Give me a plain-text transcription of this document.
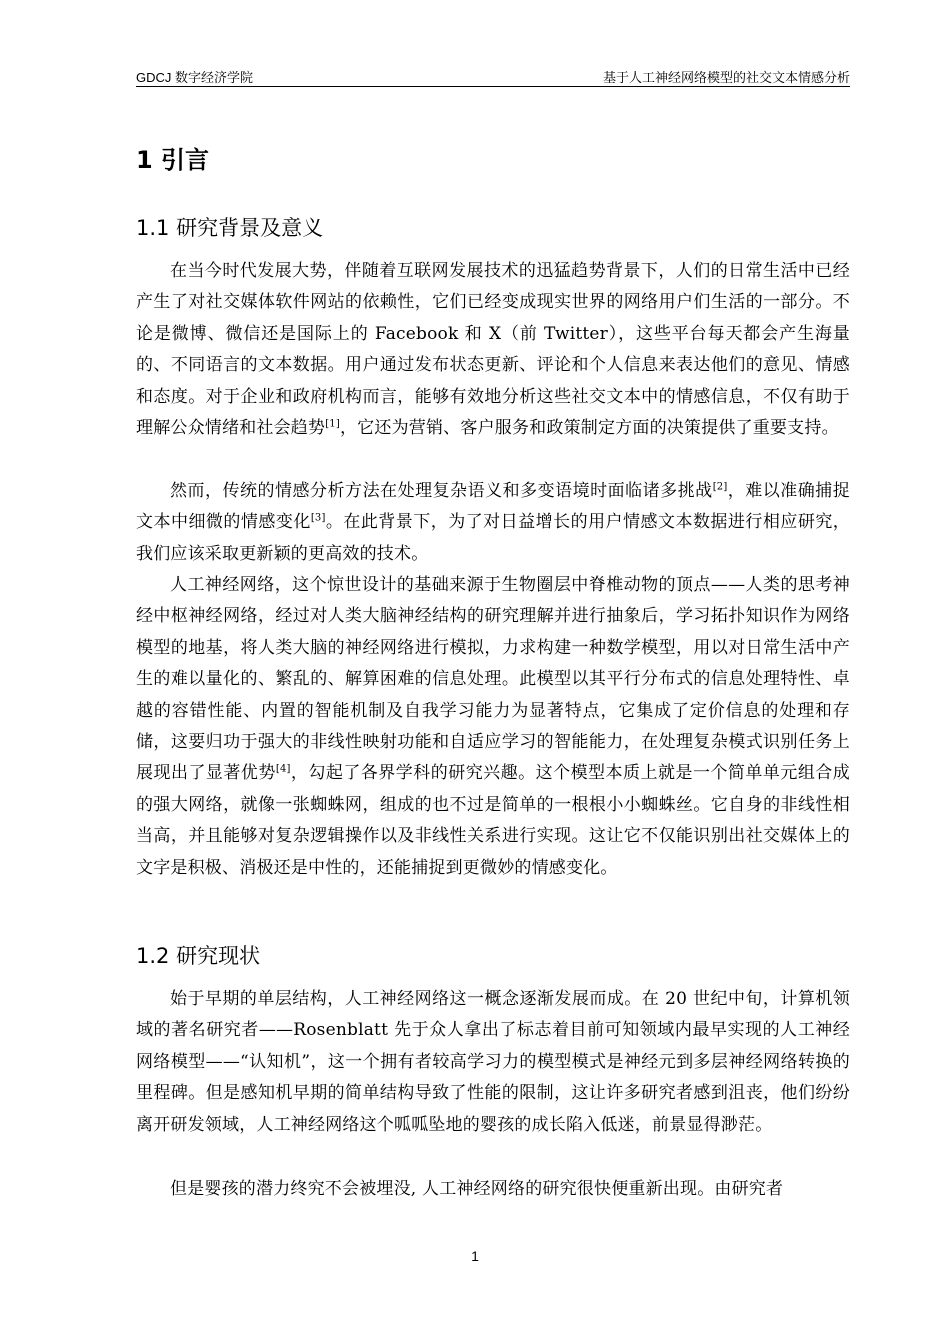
GDCJ 数字经济学院	基于人工神经网络模型的社交文本情感分析
1 引言
1.1 研究背景及意义

在当今时代发展大势，伴随着互联网发展技术的迅猛趋势背景下，人们的日常生活中已经产生了对社交媒体软件网站的依赖性，它们已经变成现实世界的网络用户们生活的一部分。不论是微博、微信还是国际上的 Facebook 和 X（前 Twitter），这些平台每天都会产生海量的、不同语言的文本数据。用户通过发布状态更新、评论和个人信息来表达他们的意见、情感和态度。对于企业和政府机构而言，能够有效地分析这些社交文本中的情感信息，不仅有助于理解公众情绪和社会趋势[1]，它还为营销、客户服务和政策制定方面的决策提供了重要支持。

然而，传统的情感分析方法在处理复杂语义和多变语境时面临诸多挑战[2]，难以准确捕捉文本中细微的情感变化[3]。在此背景下，为了对日益增长的用户情感文本数据进行相应研究，我们应该采取更新颖的更高效的技术。

人工神经网络，这个惊世设计的基础来源于生物圈层中脊椎动物的顶点——人类的思考神经中枢神经网络，经过对人类大脑神经结构的研究理解并进行抽象后，学习拓扑知识作为网络模型的地基，将人类大脑的神经网络进行模拟，力求构建一种数学模型，用以对日常生活中产生的难以量化的、繁乱的、解算困难的信息处理。此模型以其平行分布式的信息处理特性、卓越的容错性能、内置的智能机制及自我学习能力为显著特点，它集成了定价信息的处理和存储，这要归功于强大的非线性映射功能和自适应学习的智能能力，在处理复杂模式识别任务上展现出了显著优势[4]，勾起了各界学科的研究兴趣。这个模型本质上就是一个简单单元组合成的强大网络，就像一张蜘蛛网，组成的也不过是简单的一根根小小蜘蛛丝。它自身的非线性相当高，并且能够对复杂逻辑操作以及非线性关系进行实现。这让它不仅能识别出社交媒体上的文字是积极、消极还是中性的，还能捕捉到更微妙的情感变化。

1.2 研究现状

始于早期的单层结构，人工神经网络这一概念逐渐发展而成。在 20 世纪中旬，计算机领域的著名研究者——Rosenblatt 先于众人拿出了标志着目前可知领域内最早实现的人工神经网络模型——“认知机”，这一个拥有者较高学习力的模型模式是神经元到多层神经网络转换的里程碑。但是感知机早期的简单结构导致了性能的限制，这让许多研究者感到沮丧，他们纷纷离开研发领域，人工神经网络这个呱呱坠地的婴孩的成长陷入低迷，前景显得渺茫。

但是婴孩的潜力终究不会被埋没, 人工神经网络的研究很快便重新出现。由研究者

1
